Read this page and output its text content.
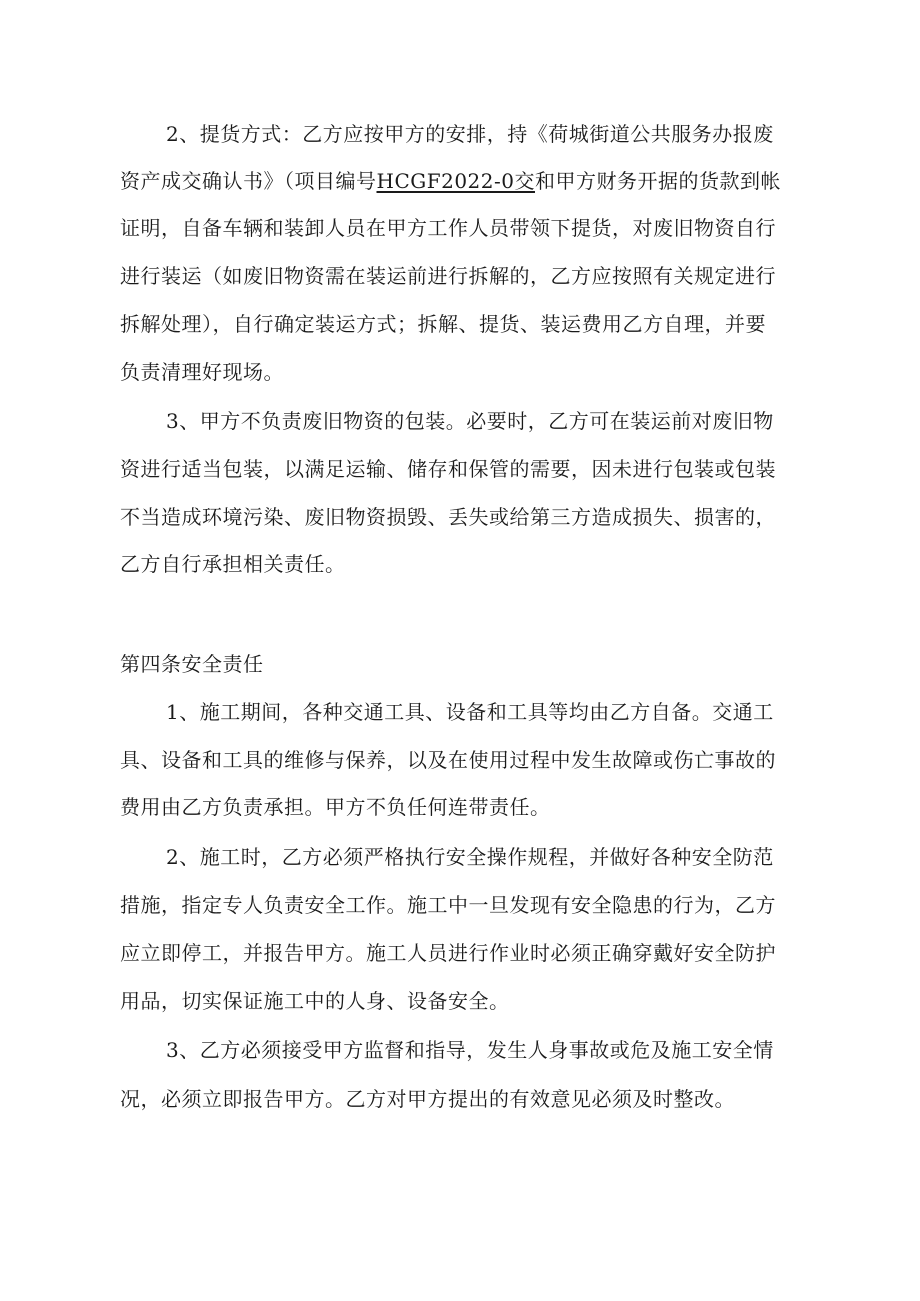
2、提货方式：乙方应按甲方的安排，持《荷城街道公共服务办报废
资产成交确认书》（项目编号HCGF2022-0交和甲方财务开据的货款到帐
证明，自备车辆和装卸人员在甲方工作人员带领下提货，对废旧物资自行
进行装运（如废旧物资需在装运前进行拆解的，乙方应按照有关规定进行
拆解处理），自行确定装运方式；拆解、提货、装运费用乙方自理，并要
负责清理好现场。
3、甲方不负责废旧物资的包装。必要时，乙方可在装运前对废旧物
资进行适当包装，以满足运输、储存和保管的需要，因未进行包装或包装
不当造成环境污染、废旧物资损毁、丢失或给第三方造成损失、损害的，
乙方自行承担相关责任。
第四条安全责任
1、施工期间，各种交通工具、设备和工具等均由乙方自备。交通工
具、设备和工具的维修与保养，以及在使用过程中发生故障或伤亡事故的
费用由乙方负责承担。甲方不负任何连带责任。
2、施工时，乙方必须严格执行安全操作规程，并做好各种安全防范
措施，指定专人负责安全工作。施工中一旦发现有安全隐患的行为，乙方
应立即停工，并报告甲方。施工人员进行作业时必须正确穿戴好安全防护
用品，切实保证施工中的人身、设备安全。
3、乙方必须接受甲方监督和指导，发生人身事故或危及施工安全情
况，必须立即报告甲方。乙方对甲方提出的有效意见必须及时整改。
